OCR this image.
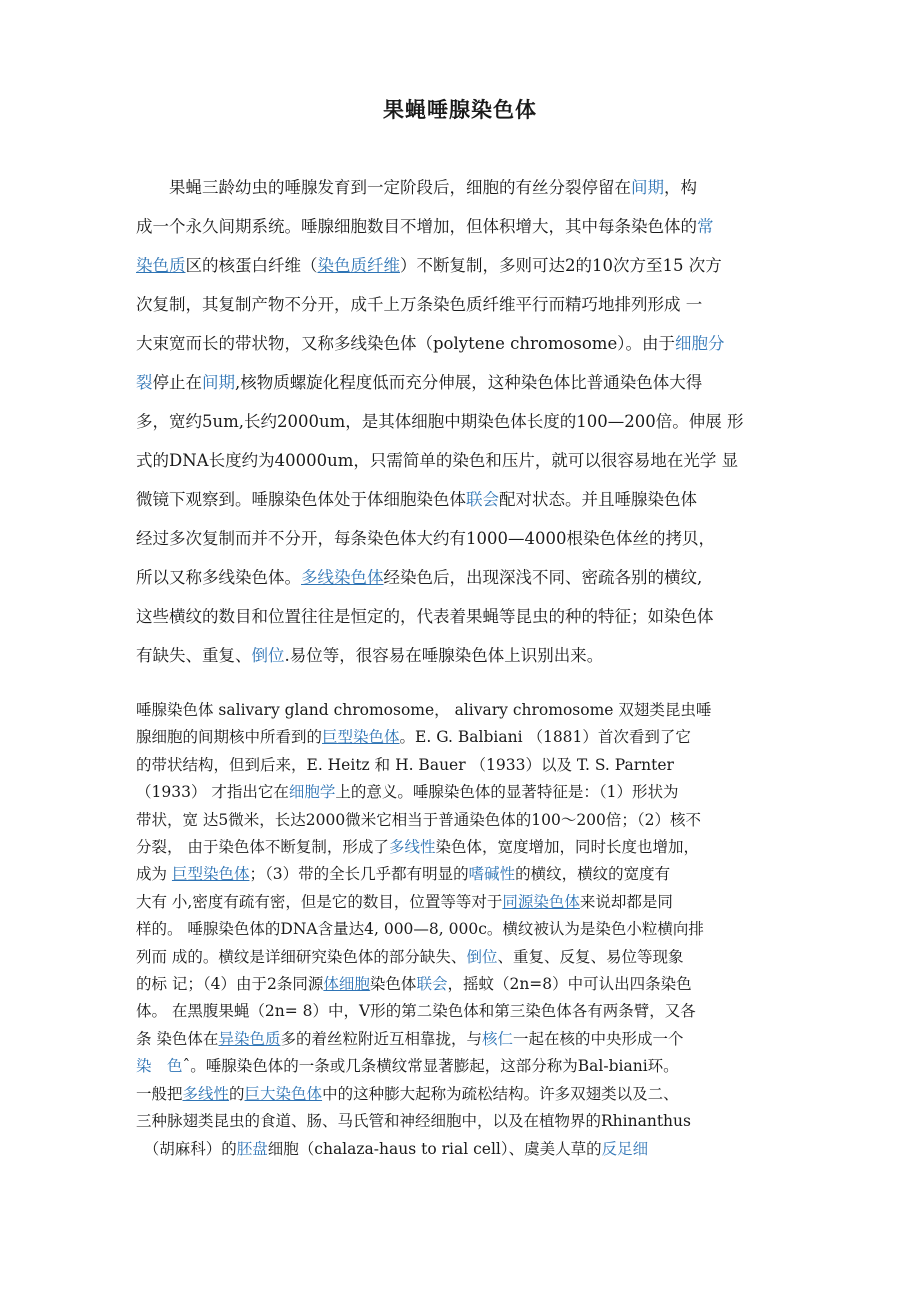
果蝇唾腺染色体
　　果蝇三龄幼虫的唾腺发育到一定阶段后，细胞的有丝分裂停留在间期，构
成一个永久间期系统。唾腺细胞数目不增加，但体积增大，其中每条染色体的常
染色质区的核蛋白纤维（染色质纤维）不断复制，多则可达2的10次方至15 次方
次复制，其复制产物不分开，成千上万条染色质纤维平行而精巧地排列形成 一
大束宽而长的带状物，又称多线染色体（polytene chromosome）。由于细胞分
裂停止在间期,核物质螺旋化程度低而充分伸展，这种染色体比普通染色体大得
多，宽约5um,长约2000um，是其体细胞中期染色体长度的100—200倍。伸展 形
式的DNA长度约为40000um，只需简单的染色和压片，就可以很容易地在光学 显
微镜下观察到。唾腺染色体处于体细胞染色体联会配对状态。并且唾腺染色体
经过多次复制而并不分开，每条染色体大约有1000—4000根染色体丝的拷贝，
所以又称多线染色体。多线染色体经染色后，出现深浅不同、密疏各别的横纹,
这些横纹的数目和位置往往是恒定的，代表着果蝇等昆虫的种的特征；如染色体
有缺失、重复、倒位.易位等，很容易在唾腺染色体上识别出来。
唾腺染色体 salivary gland chromosome， alivary chromosome 双翅类昆虫唾
腺细胞的间期核中所看到的巨型染色体。E. G. Balbiani （1881）首次看到了它
的带状结构，但到后来，E. Heitz 和 H. Bauer （1933）以及 T. S. Parnter
（1933） 才指出它在细胞学上的意义。唾腺染色体的显著特征是：（1）形状为
带状，宽 达5微米，长达2000微米它相当于普通染色体的100〜200倍；（2）核不
分裂， 由于染色体不断复制，形成了多线性染色体，宽度增加，同时长度也增加，
成为 巨型染色体；（3）带的全长几乎都有明显的嗜碱性的横纹，横纹的宽度有
大有 小,密度有疏有密，但是它的数目，位置等等对于同源染色体来说却都是同
样的。 唾腺染色体的DNA含量达4, 000—8, 000c。横纹被认为是染色小粒横向排
列而 成的。横纹是详细研究染色体的部分缺失、倒位、重复、反复、易位等现象
的标 记；（4）由于2条同源体细胞染色体联会，摇蚊（2n=8）中可认出四条染色
体。 在黑腹果蝇（2n= 8）中，V形的第二染色体和第三染色体各有两条臂，又各
条 染色体在异染色质多的着丝粒附近互相靠拢，与核仁一起在核的中央形成一个
染　色ˆ。唾腺染色体的一条或几条横纹常显著膨起，这部分称为Bal-biani环。
一般把多线性的巨大染色体中的这种膨大起称为疏松结构。许多双翅类以及二、
三种脉翅类昆虫的食道、肠、马氏管和神经细胞中，以及在植物界的Rhinanthus
　（胡麻科）的胚盘细胞（chalaza-haus to rial cell）、虞美人草的反足细
